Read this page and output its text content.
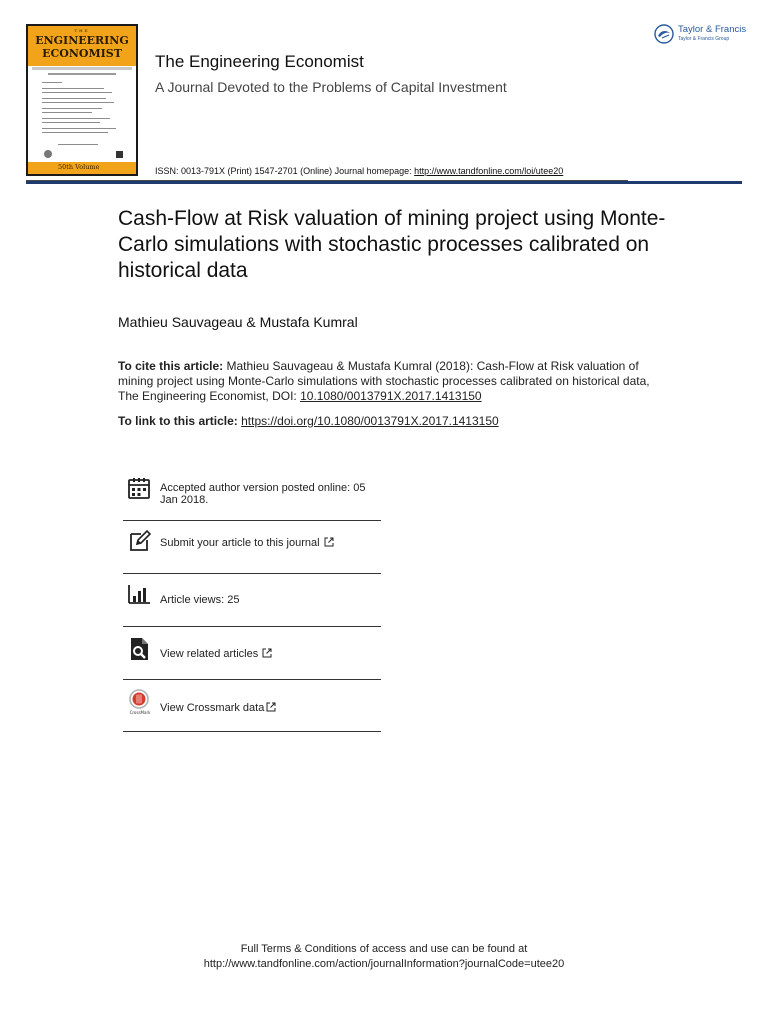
THE
ENGINEERING
ECONOMIST
50th Volume
The Engineering Economist
A Journal Devoted to the Problems of Capital Investment
ISSN: 0013-791X (Print) 1547-2701 (Online) Journal homepage: http://www.tandfonline.com/loi/utee20
Taylor & Francis
Taylor & Francis Group
Cash-Flow at Risk valuation of mining project using Monte-Carlo simulations with stochastic processes calibrated on historical data
Mathieu Sauvageau & Mustafa Kumral

To cite this article: Mathieu Sauvageau & Mustafa Kumral (2018): Cash-Flow at Risk valuation of mining project using Monte-Carlo simulations with stochastic processes calibrated on historical data, The Engineering Economist, DOI: 10.1080/0013791X.2017.1413150

To link to this article: https://doi.org/10.1080/0013791X.2017.1413150
Accepted author version posted online: 05 Jan 2018.
Submit your article to this journal
Article views: 25
View related articles
CrossMark View Crossmark data
Full Terms & Conditions of access and use can be found at
http://www.tandfonline.com/action/journalInformation?journalCode=utee20
